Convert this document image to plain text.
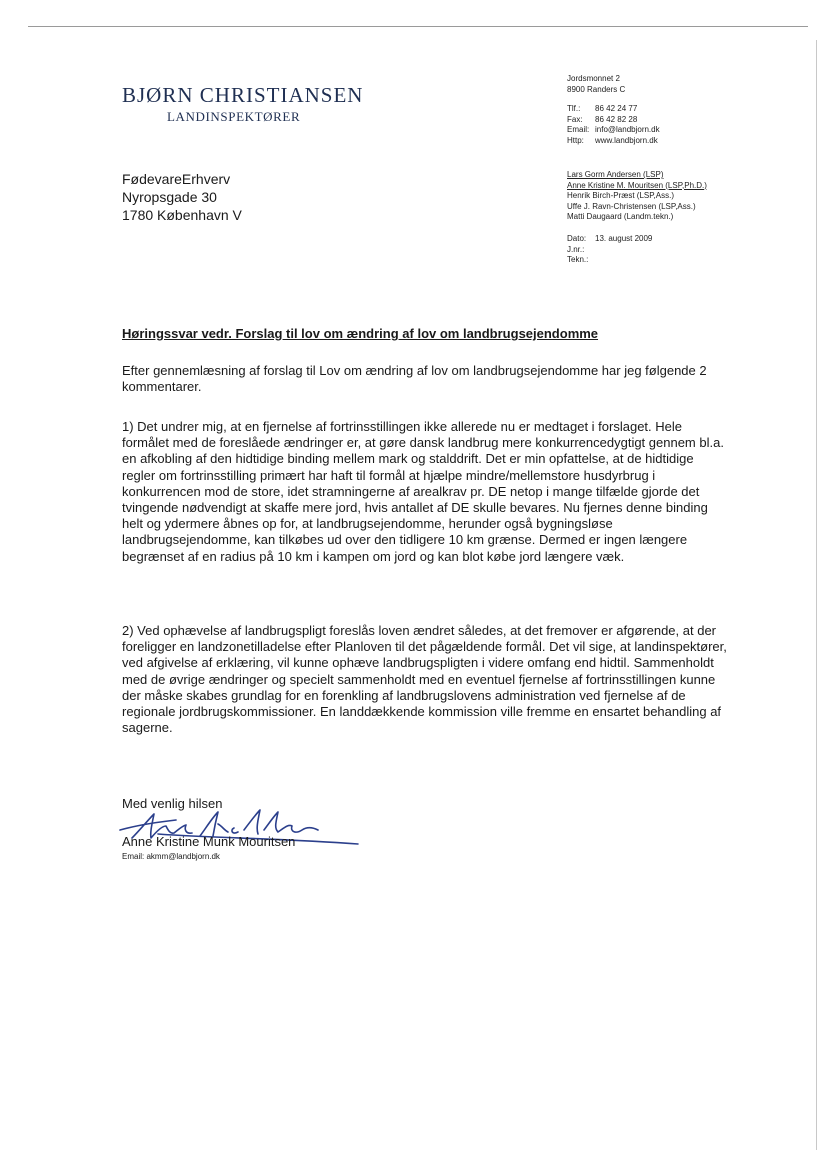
BJØRN CHRISTIANSEN
LANDINSPEKTØRER
Jordsmonnet 2
8900 Randers C
Tlf.:	86 42 24 77
Fax:	86 42 82 28
Email: info@landbjorn.dk
Http:	www.landbjorn.dk
Lars Gorm Andersen (LSP)
Anne Kristine M. Mouritsen (LSP,Ph.D.)
Henrik Birch-Præst (LSP,Ass.)
Uffe J. Ravn-Christensen (LSP,Ass.)
Matti Daugaard (Landm.tekn.)
Dato:	13. august 2009
J.nr.:
Tekn.:
FødevareErhverv
Nyropsgade 30
1780 København V
Høringssvar vedr. Forslag til lov om ændring af lov om landbrugsejendomme

Efter gennemlæsning af forslag til Lov om ændring af lov om landbrugsejendomme har jeg følgende 2 kommentarer.

1) Det undrer mig, at en fjernelse af fortrinsstillingen ikke allerede nu er medtaget i forslaget. Hele formålet med de foreslåede ændringer er, at gøre dansk landbrug mere konkurrencedygtigt gennem bl.a. en afkobling af den hidtidige binding mellem mark og stalddrift. Det er min opfattelse, at de hidtidige regler om fortrinsstilling primært har haft til formål at hjælpe mindre/mellemstore husdyrbrug i konkurrencen mod de store, idet stramningerne af arealkrav pr. DE netop i mange tilfælde gjorde det tvingende nødvendigt at skaffe mere jord, hvis antallet af DE skulle bevares. Nu fjernes denne binding helt og ydermere åbnes op for, at landbrugsejendomme, herunder også bygningsløse landbrugsejendomme, kan tilkøbes ud over den tidligere 10 km grænse. Dermed er ingen længere begrænset af en radius på 10 km i kampen om jord og kan blot købe jord længere væk.

2) Ved ophævelse af landbrugspligt foreslås loven ændret således, at det fremover er afgørende, at der foreligger en landzonetilladelse efter Planloven til det pågældende formål. Det vil sige, at landinspektører, ved afgivelse af erklæring, vil kunne ophæve landbrugspligten i videre omfang end hidtil. Sammenholdt med de øvrige ændringer og specielt sammenholdt med en eventuel fjernelse af fortrinsstillingen kunne der måske skabes grundlag for en forenkling af landbrugslovens administration ved fjernelse af de regionale jordbrugskommissioner. En landdækkende kommission ville fremme en ensartet behandling af sagerne.

Med venlig hilsen
Anne Kristine Munk Mouritsen
Email: akmm@landbjorn.dk
